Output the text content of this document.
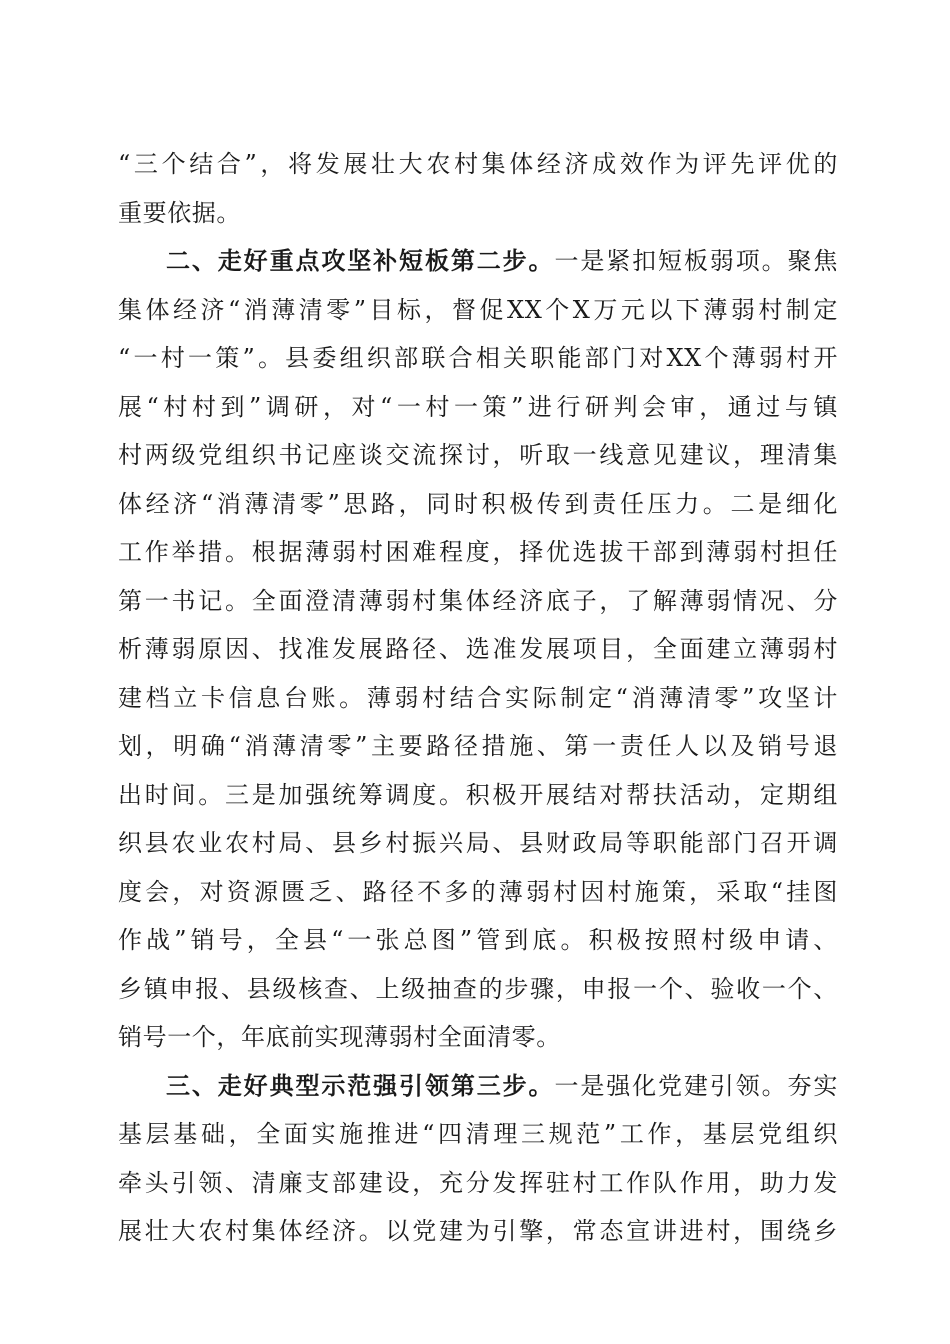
“三个结合”，将发展壮大农村集体经济成效作为评先评优的
重要依据。
二、走好重点攻坚补短板第二步。一是紧扣短板弱项。聚焦
集体经济“消薄清零”目标，督促XX个X万元以下薄弱村制定
“一村一策”。县委组织部联合相关职能部门对XX个薄弱村开
展“村村到”调研，对“一村一策”进行研判会审，通过与镇
村两级党组织书记座谈交流探讨，听取一线意见建议，理清集
体经济“消薄清零”思路，同时积极传到责任压力。二是细化
工作举措。根据薄弱村困难程度，择优选拔干部到薄弱村担任
第一书记。全面澄清薄弱村集体经济底子，了解薄弱情况、分
析薄弱原因、找准发展路径、选准发展项目，全面建立薄弱村
建档立卡信息台账。薄弱村结合实际制定“消薄清零”攻坚计
划，明确“消薄清零”主要路径措施、第一责任人以及销号退
出时间。三是加强统筹调度。积极开展结对帮扶活动，定期组
织县农业农村局、县乡村振兴局、县财政局等职能部门召开调
度会，对资源匮乏、路径不多的薄弱村因村施策，采取“挂图
作战”销号，全县“一张总图”管到底。积极按照村级申请、
乡镇申报、县级核查、上级抽查的步骤，申报一个、验收一个、
销号一个，年底前实现薄弱村全面清零。
三、走好典型示范强引领第三步。一是强化党建引领。夯实
基层基础，全面实施推进“四清理三规范”工作，基层党组织
牵头引领、清廉支部建设，充分发挥驻村工作队作用，助力发
展壮大农村集体经济。以党建为引擎，常态宣讲进村，围绕乡
